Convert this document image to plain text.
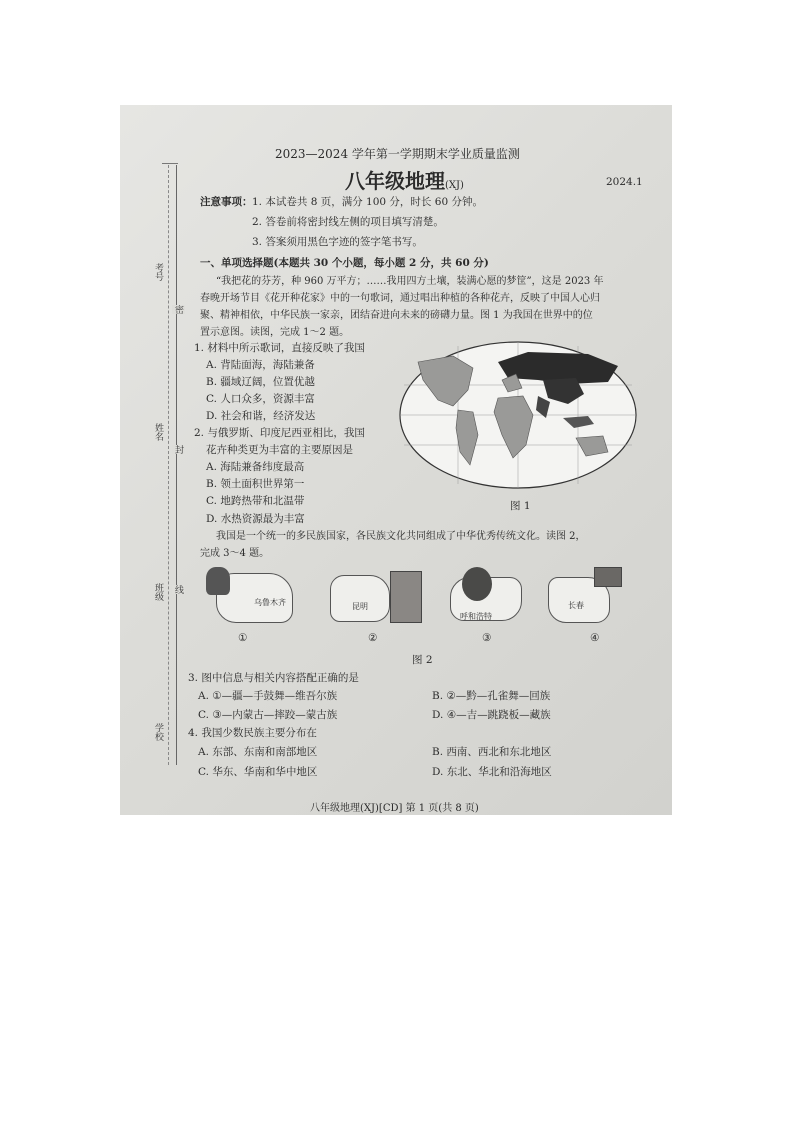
考号
姓名
班级
学校
密
封
线
2023—2024 学年第一学期期末学业质量监测
八年级地理(XJ)	2024.1
注意事项： 1. 本试卷共 8 页，满分 100 分，时长 60 分钟。
2. 答卷前将密封线左侧的项目填写清楚。
3. 答案须用黑色字迹的签字笔书写。
一、单项选择题(本题共 30 个小题，每小题 2 分，共 60 分)
“我把花的芬芳，种 960 万平方；……我用四方土壤，装满心愿的梦筐”，这是 2023 年
春晚开场节目《花开种花家》中的一句歌词，通过唱出种植的各种花卉，反映了中国人心归
聚、精神相依，中华民族一家亲，团结奋进向未来的磅礴力量。图 1 为我国在世界中的位
置示意图。读图，完成 1～2 题。
1. 材料中所示歌词，直接反映了我国
A. 背陆面海，海陆兼备
B. 疆域辽阔，位置优越
C. 人口众多，资源丰富
D. 社会和谐，经济发达
2. 与俄罗斯、印度尼西亚相比，我国
花卉种类更为丰富的主要原因是
A. 海陆兼备纬度最高
B. 领土面积世界第一
C. 地跨热带和北温带
D. 水热资源最为丰富
图 1
我国是一个统一的多民族国家，各民族文化共同组成了中华优秀传统文化。读图 2，
完成 3～4 题。
乌鲁木齐
①
昆明
②
呼和浩特
③
长春
④
图 2
3. 图中信息与相关内容搭配正确的是
A. ①—疆—手鼓舞—维吾尔族	B. ②—黔—孔雀舞—回族
C. ③—内蒙古—摔跤—蒙古族	D. ④—吉—跳跷板—藏族
4. 我国少数民族主要分布在
A. 东部、东南和南部地区	B. 西南、西北和东北地区
C. 华东、华南和华中地区	D. 东北、华北和沿海地区
八年级地理(XJ)[CD] 第 1 页(共 8 页)
